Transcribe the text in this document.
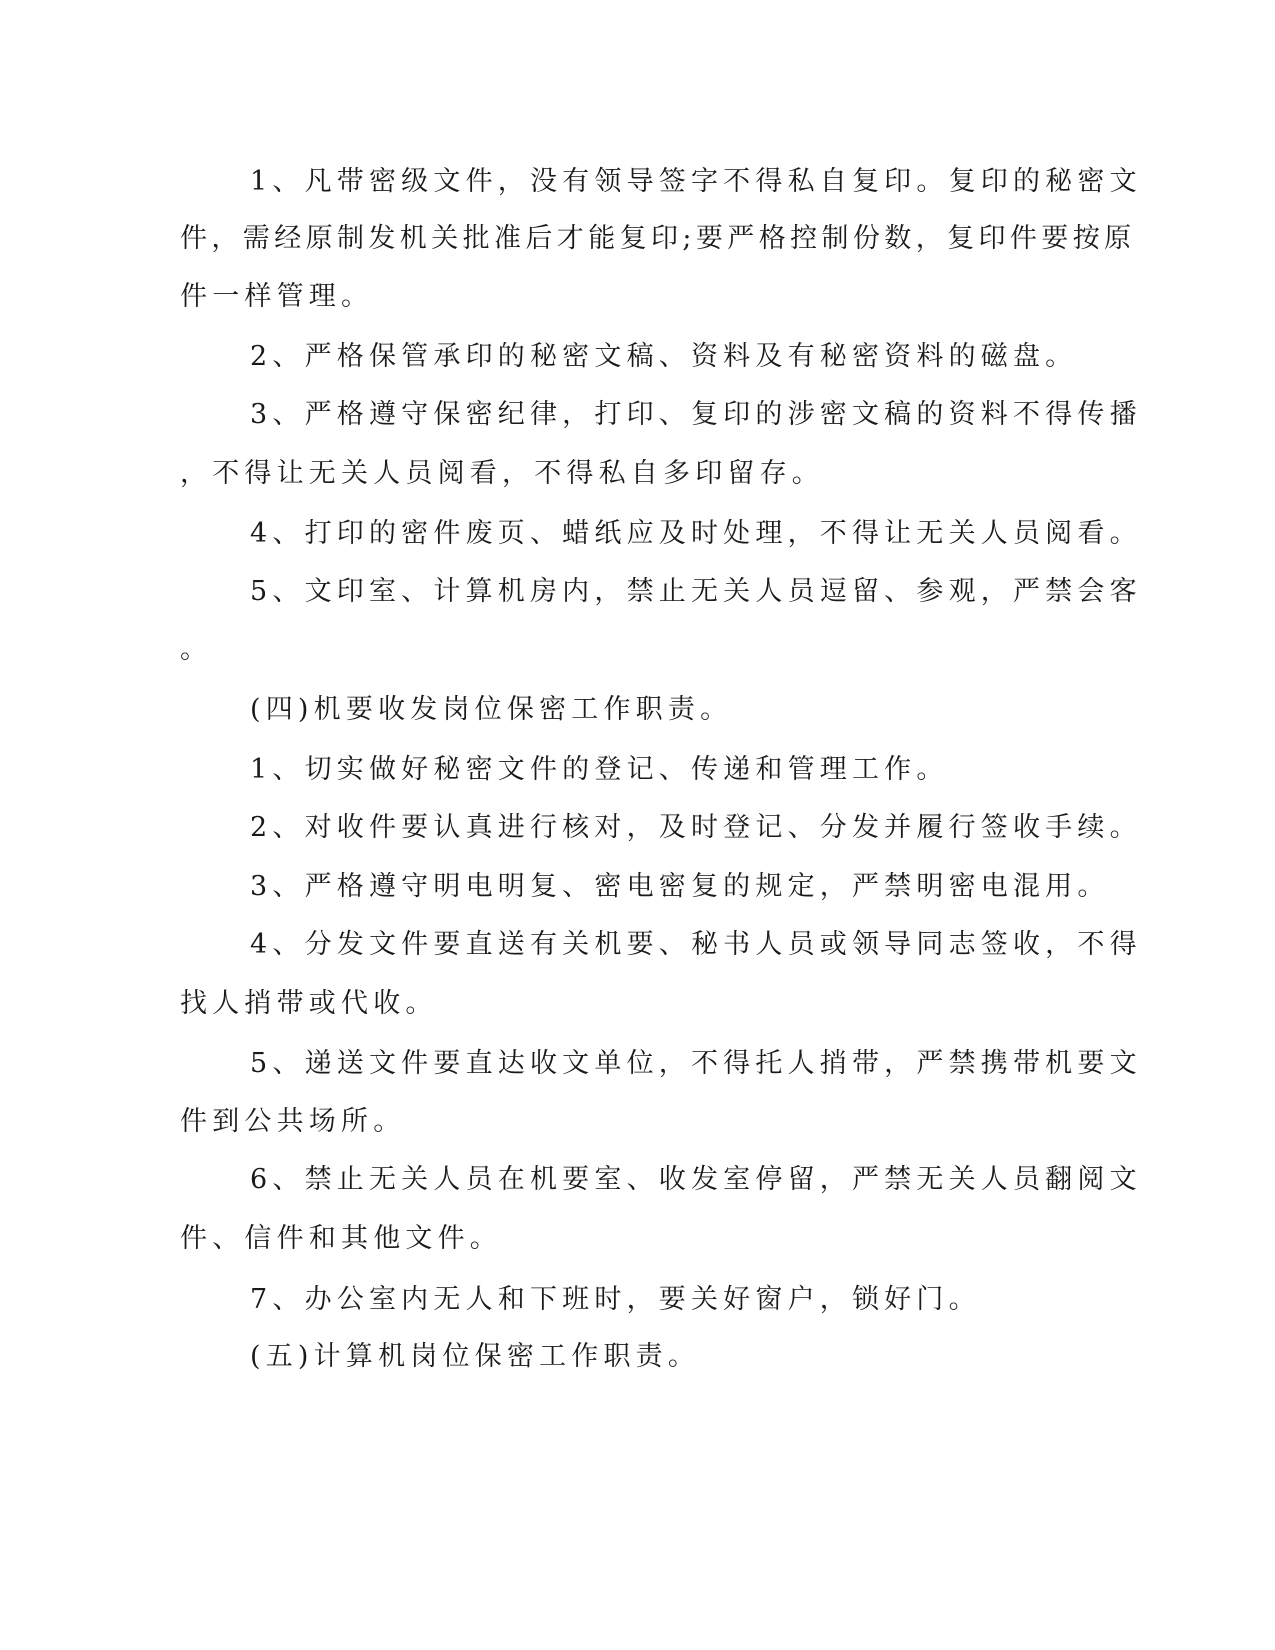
1、凡带密级文件，没有领导签字不得私自复印。复印的秘密文
件，需经原制发机关批准后才能复印;要严格控制份数，复印件要按原
件一样管理。
2、严格保管承印的秘密文稿、资料及有秘密资料的磁盘。
3、严格遵守保密纪律，打印、复印的涉密文稿的资料不得传播
，不得让无关人员阅看，不得私自多印留存。
4、打印的密件废页、蜡纸应及时处理，不得让无关人员阅看。
5、文印室、计算机房内，禁止无关人员逗留、参观，严禁会客
。
(四)机要收发岗位保密工作职责。
1、切实做好秘密文件的登记、传递和管理工作。
2、对收件要认真进行核对，及时登记、分发并履行签收手续。
3、严格遵守明电明复、密电密复的规定，严禁明密电混用。
4、分发文件要直送有关机要、秘书人员或领导同志签收，不得
找人捎带或代收。
5、递送文件要直达收文单位，不得托人捎带，严禁携带机要文
件到公共场所。
6、禁止无关人员在机要室、收发室停留，严禁无关人员翻阅文
件、信件和其他文件。
7、办公室内无人和下班时，要关好窗户，锁好门。
(五)计算机岗位保密工作职责。
